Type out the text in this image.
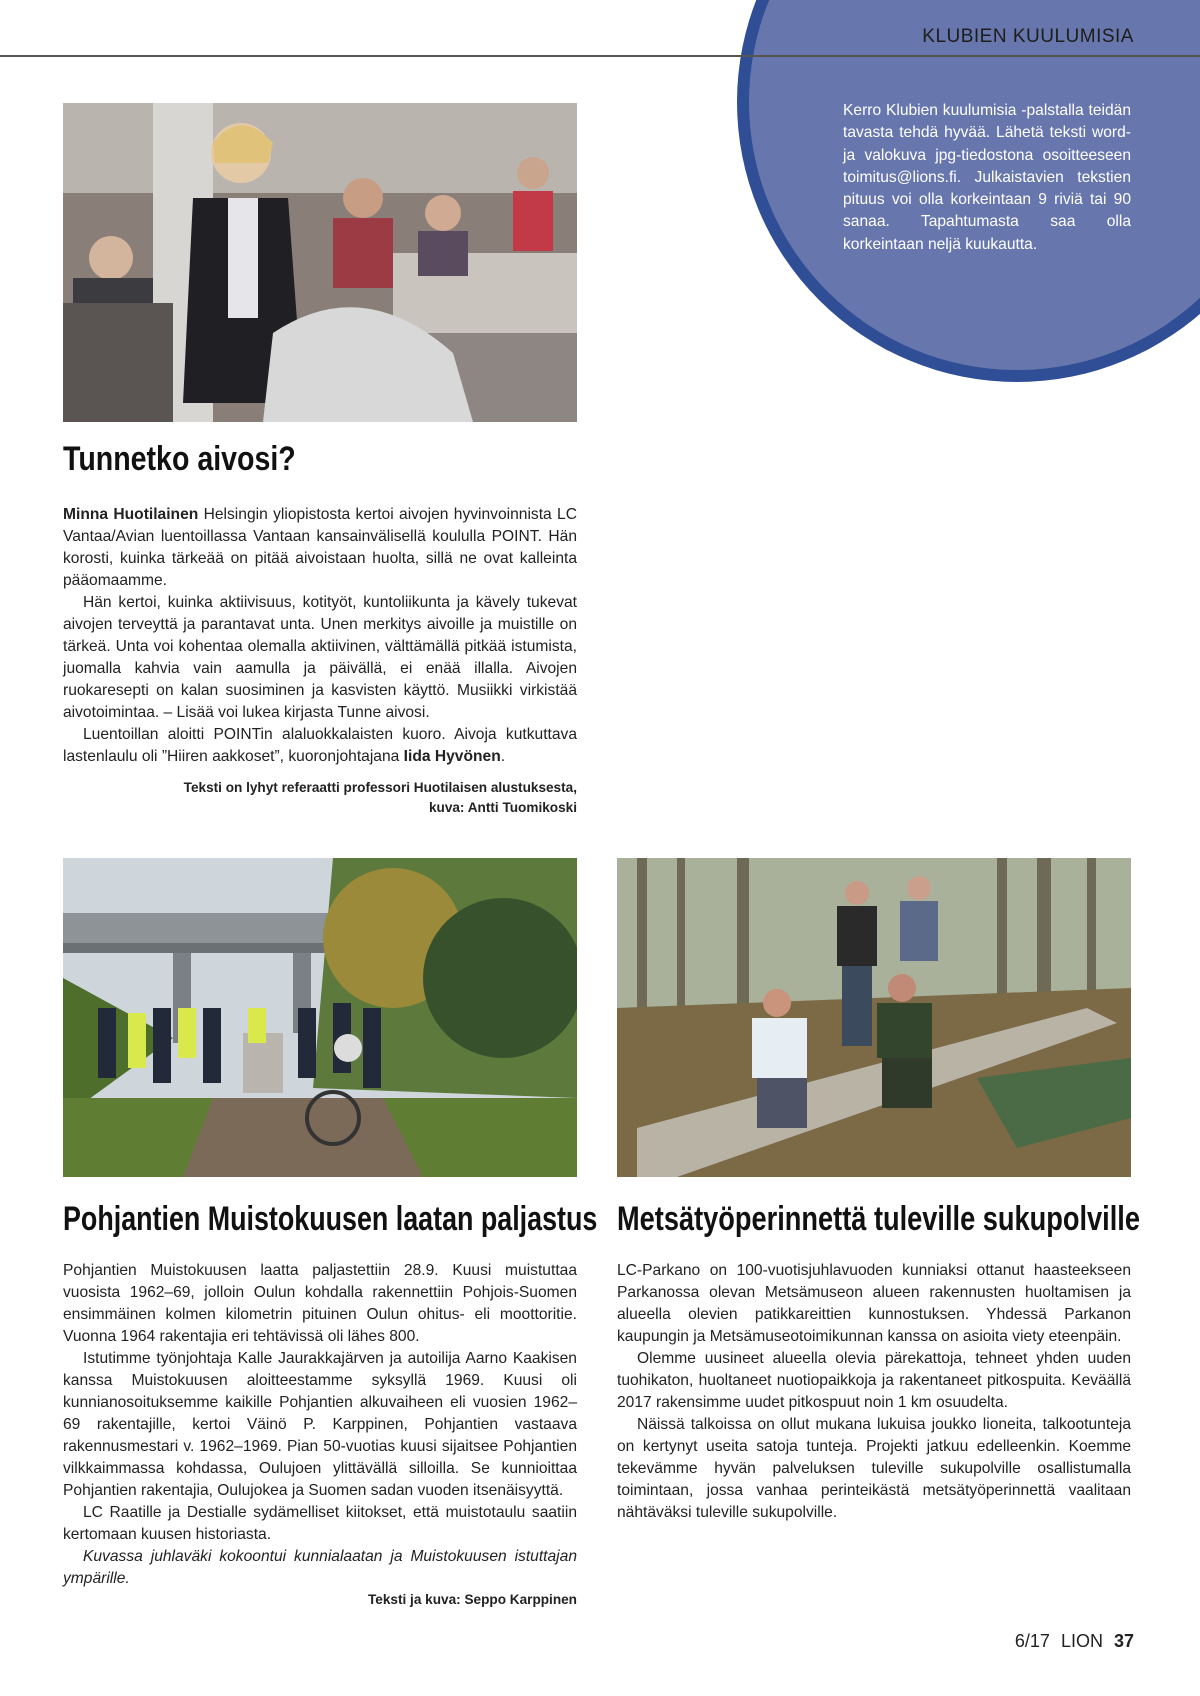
KLUBIEN KUULUMISIA
Kerro Klubien kuulumisia -palstalla teidän tavasta tehdä hyvää. Lähetä teksti word- ja valokuva jpg-tiedostona osoitteeseen toimitus@lions.fi. Julkaistavien tekstien pituus voi olla korkeintaan 9 riviä tai 90 sanaa. Tapahtumasta saa olla korkeintaan neljä kuukautta.
Tunnetko aivosi?

Minna Huotilainen Helsingin yliopistosta kertoi aivojen hyvinvoinnista LC Vantaa/Avian luentoillassa Vantaan kansainvälisellä koululla POINT. Hän korosti, kuinka tärkeää on pitää aivoistaan huolta, sillä ne ovat kalleinta pääomaamme.

Hän kertoi, kuinka aktiivisuus, kotityöt, kuntoliikunta ja kävely tukevat aivojen terveyttä ja parantavat unta. Unen merkitys aivoille ja muistille on tärkeä. Unta voi kohentaa olemalla aktiivinen, välttämällä pitkää istumista, juomalla kahvia vain aamulla ja päivällä, ei enää illalla. Aivojen ruokaresepti on kalan suosiminen ja kasvisten käyttö. Musiikki virkistää aivotoimintaa. – Lisää voi lukea kirjasta Tunne aivosi.

Luentoillan aloitti POINTin alaluokkalaisten kuoro. Aivoja kutkuttava lastenlaulu oli ”Hiiren aakkoset”, kuoronjohtajana Iida Hyvönen.

Teksti on lyhyt referaatti professori Huotilaisen alustuksesta,
kuva: Antti Tuomikoski
Pohjantien Muistokuusen laatan paljastus

Pohjantien Muistokuusen laatta paljastettiin 28.9. Kuusi muistuttaa vuosista 1962–69, jolloin Oulun kohdalla rakennettiin Pohjois-Suomen ensimmäinen kolmen kilometrin pituinen Oulun ohitus- eli moottoritie. Vuonna 1964 rakentajia eri tehtävissä oli lähes 800.

Istutimme työnjohtaja Kalle Jaurakkajärven ja autoilija Aarno Kaakisen kanssa Muistokuusen aloitteestamme syksyllä 1969. Kuusi oli kunnianosoituksemme kaikille Pohjantien alkuvaiheen eli vuosien 1962–69 rakentajille, kertoi Väinö P. Karppinen, Pohjantien vastaava rakennusmestari v. 1962–1969. Pian 50-vuotias kuusi sijaitsee Pohjantien vilkkaimmassa kohdassa, Oulujoen ylittävällä silloilla. Se kunnioittaa Pohjantien rakentajia, Oulujokea ja Suomen sadan vuoden itsenäisyyttä.

LC Raatille ja Destialle sydämelliset kiitokset, että muistotaulu saatiin kertomaan kuusen historiasta.

Kuvassa juhlaväki kokoontui kunnialaatan ja Muistokuusen istuttajan ympärille.

Teksti ja kuva: Seppo Karppinen
Metsätyöperinnettä tuleville sukupolville

LC-Parkano on 100-vuotisjuhlavuoden kunniaksi ottanut haasteekseen Parkanossa olevan Metsämuseon alueen rakennusten huoltamisen ja alueella olevien patikkareittien kunnostuksen. Yhdessä Parkanon kaupungin ja Metsämuseotoimikunnan kanssa on asioita viety eteenpäin.

Olemme uusineet alueella olevia pärekattoja, tehneet yhden uuden tuohikaton, huoltaneet nuotiopaikkoja ja rakentaneet pitkospuita. Keväällä 2017 rakensimme uudet pitkospuut noin 1 km osuudelta.

Näissä talkoissa on ollut mukana lukuisa joukko lioneita, talkootunteja on kertynyt useita satoja tunteja. Projekti jatkuu edelleenkin. Koemme tekevämme hyvän palveluksen tuleville sukupolville osallistumalla toimintaan, jossa vanhaa perinteikästä metsätyöperinnettä vaalitaan nähtäväksi tuleville sukupolville.

6/17 LION 37
